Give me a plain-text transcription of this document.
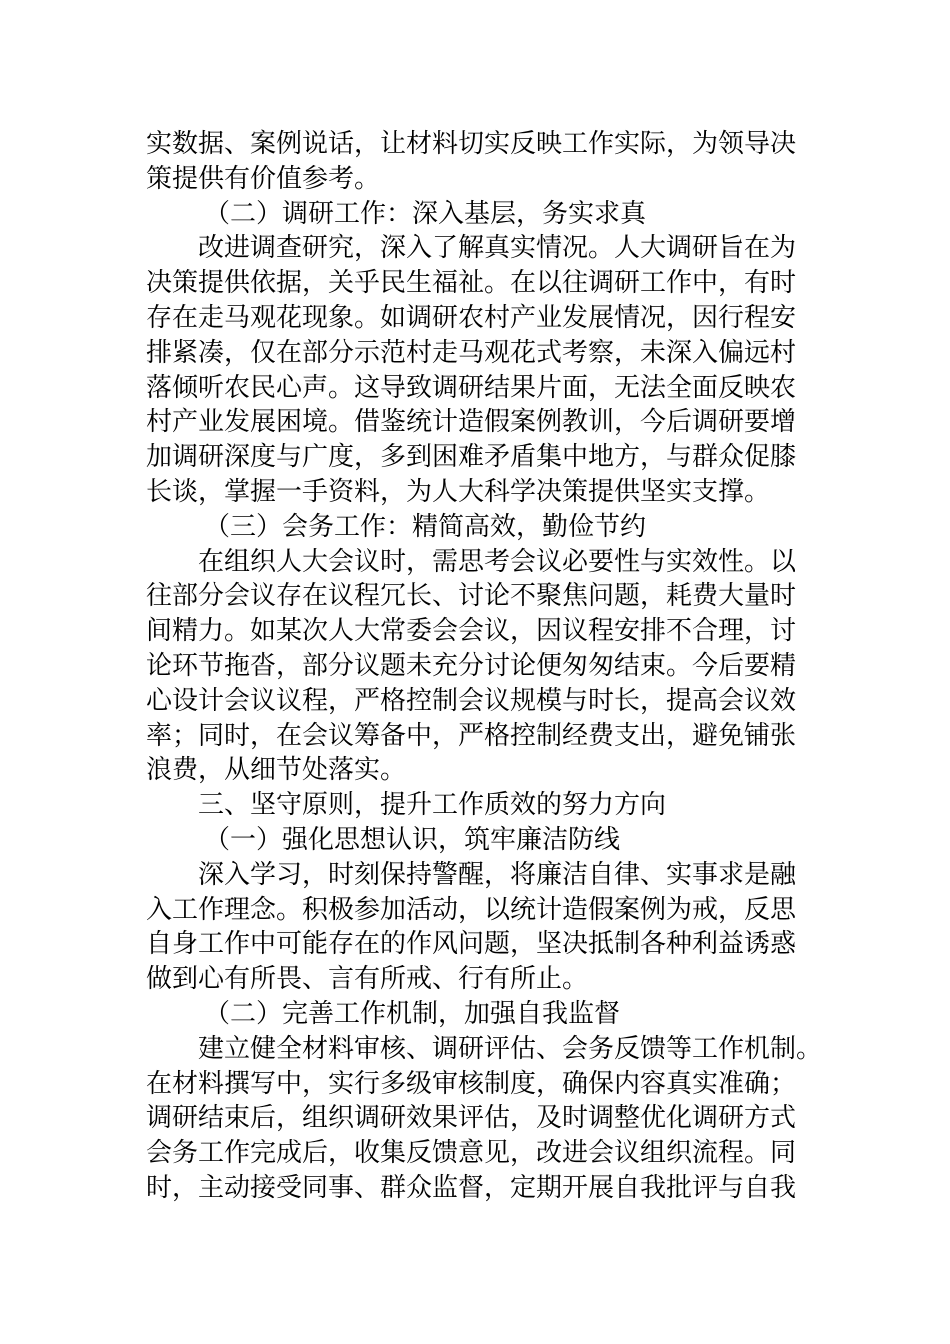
实数据、案例说话，让材料切实反映工作实际，为领导决
策提供有价值参考。
（二）调研工作：深入基层，务实求真
改进调查研究，深入了解真实情况。人大调研旨在为
决策提供依据，关乎民生福祉。在以往调研工作中，有时
存在走马观花现象。如调研农村产业发展情况，因行程安
排紧凑，仅在部分示范村走马观花式考察，未深入偏远村
落倾听农民心声。这导致调研结果片面，无法全面反映农
村产业发展困境。借鉴统计造假案例教训，今后调研要增
加调研深度与广度，多到困难矛盾集中地方，与群众促膝
长谈，掌握一手资料，为人大科学决策提供坚实支撑。
（三）会务工作：精简高效，勤俭节约
在组织人大会议时，需思考会议必要性与实效性。以
往部分会议存在议程冗长、讨论不聚焦问题，耗费大量时
间精力。如某次人大常委会会议，因议程安排不合理，讨
论环节拖沓，部分议题未充分讨论便匆匆结束。今后要精
心设计会议议程，严格控制会议规模与时长，提高会议效
率；同时，在会议筹备中，严格控制经费支出，避免铺张
浪费，从细节处落实。
三、坚守原则，提升工作质效的努力方向
（一）强化思想认识，筑牢廉洁防线
深入学习，时刻保持警醒，将廉洁自律、实事求是融
入工作理念。积极参加活动，以统计造假案例为戒，反思
自身工作中可能存在的作风问题，坚决抵制各种利益诱惑
做到心有所畏、言有所戒、行有所止。
（二）完善工作机制，加强自我监督
建立健全材料审核、调研评估、会务反馈等工作机制。
在材料撰写中，实行多级审核制度，确保内容真实准确；
调研结束后，组织调研效果评估，及时调整优化调研方式
会务工作完成后，收集反馈意见，改进会议组织流程。同
时，主动接受同事、群众监督，定期开展自我批评与自我
